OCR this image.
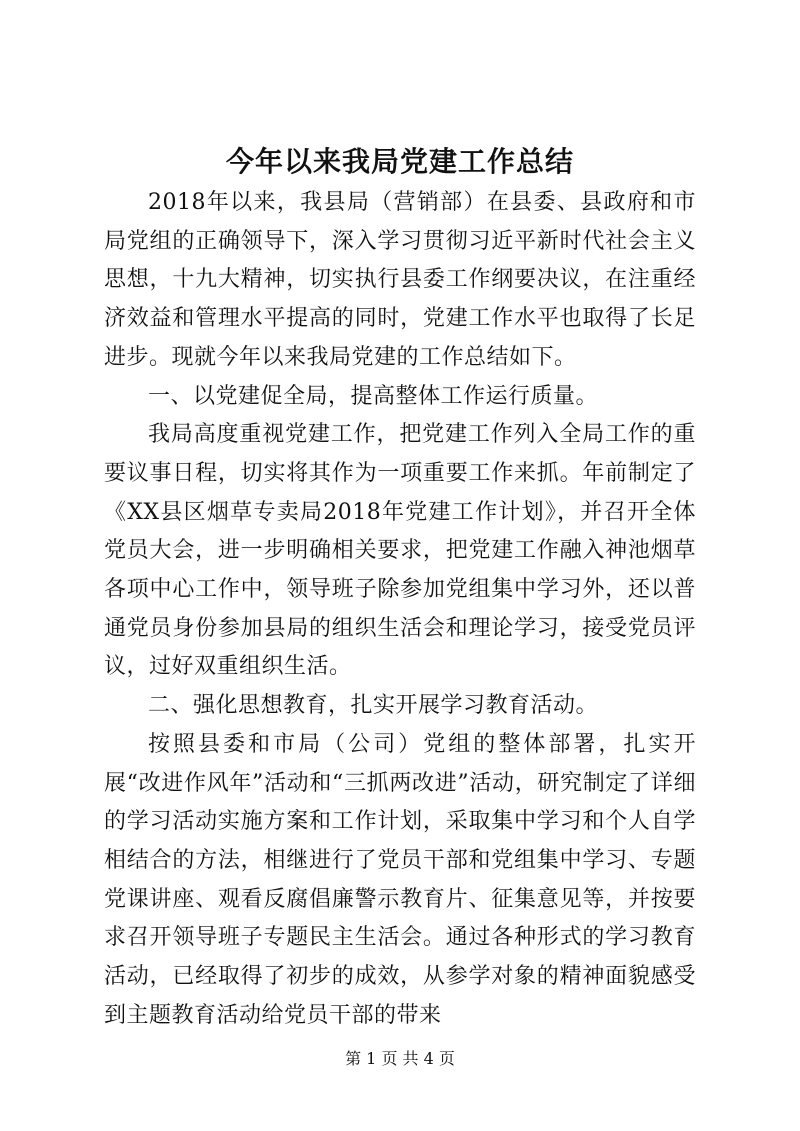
今年以来我局党建工作总结

2018年以来，我县局（营销部）在县委、县政府和市局党组的正确领导下，深入学习贯彻习近平新时代社会主义思想，十九大精神，切实执行县委工作纲要决议，在注重经济效益和管理水平提高的同时，党建工作水平也取得了长足进步。现就今年以来我局党建的工作总结如下。

一、以党建促全局，提高整体工作运行质量。

我局高度重视党建工作，把党建工作列入全局工作的重要议事日程，切实将其作为一项重要工作来抓。年前制定了《XX县区烟草专卖局2018年党建工作计划》，并召开全体党员大会，进一步明确相关要求，把党建工作融入神池烟草各项中心工作中，领导班子除参加党组集中学习外，还以普通党员身份参加县局的组织生活会和理论学习，接受党员评议，过好双重组织生活。

二、强化思想教育，扎实开展学习教育活动。

按照县委和市局（公司）党组的整体部署，扎实开展“改进作风年”活动和“三抓两改进”活动，研究制定了详细的学习活动实施方案和工作计划，采取集中学习和个人自学相结合的方法，相继进行了党员干部和党组集中学习、专题党课讲座、观看反腐倡廉警示教育片、征集意见等，并按要求召开领导班子专题民主生活会。通过各种形式的学习教育活动，已经取得了初步的成效，从参学对象的精神面貌感受到主题教育活动给党员干部的带来

第 1 页 共 4 页
